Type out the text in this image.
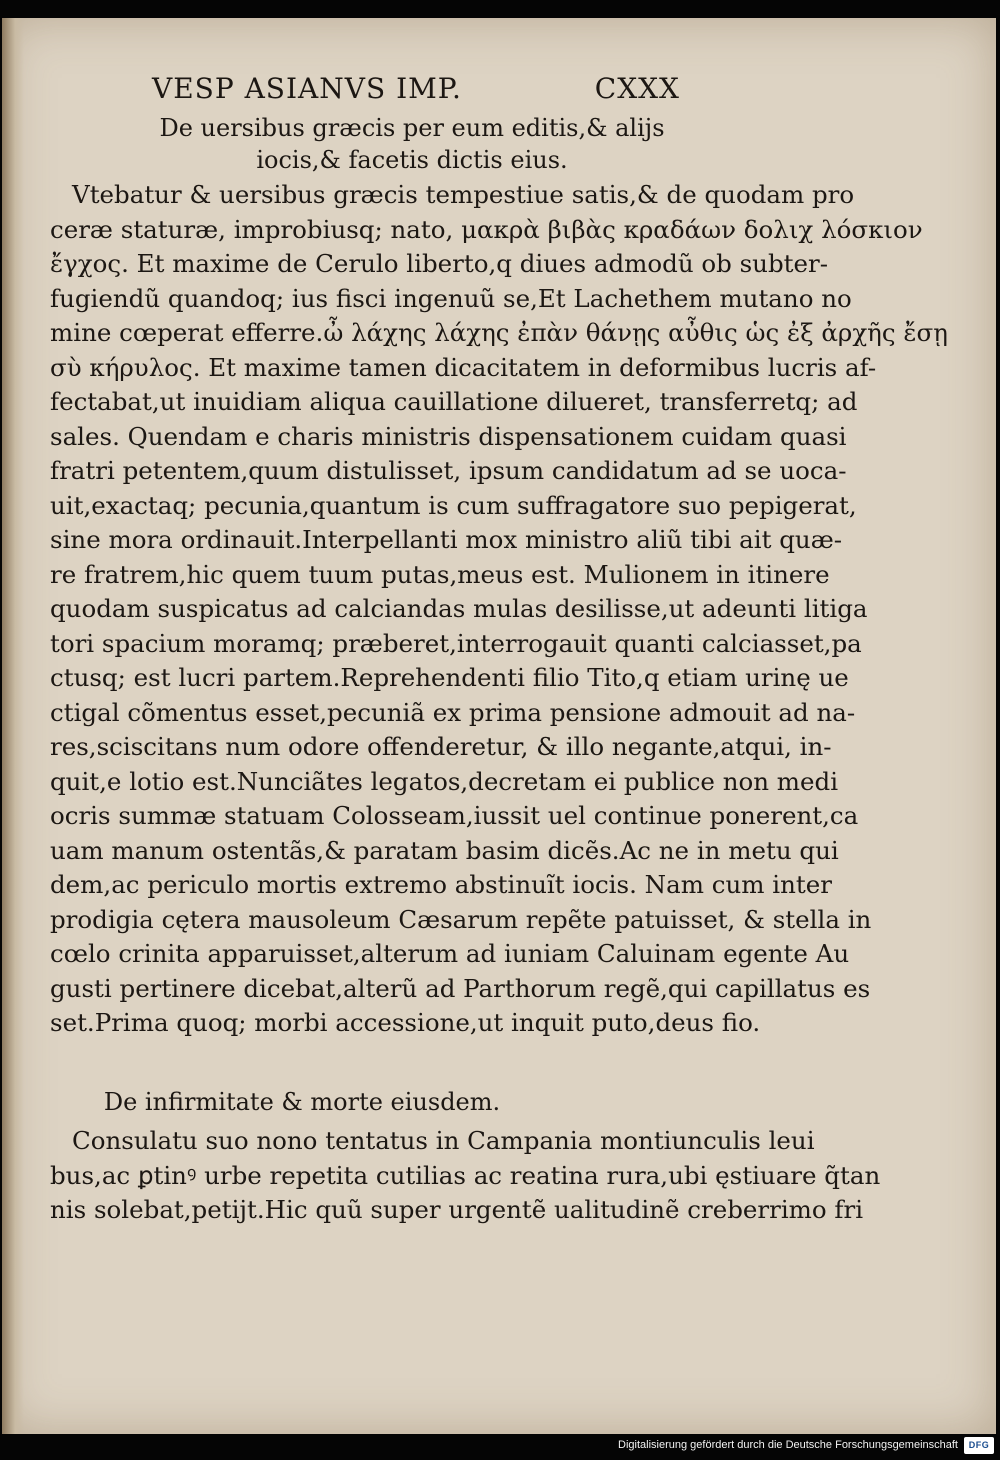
VESP ASIANVS IMP.	CXXX
De uersibus græcis per eum editis,& alijs
iocis,& facetis dictis eius.
Vtebatur & uersibus græcis tempestiue satis,& de quodam pro
ceræ staturæ, improbiusq; nato, μακρὰ βιβὰς κραδάων δολιχ λόσκιον
ἔγχος. Et maxime de Cerulo liberto,q diues admodũ ob subter-
fugiendũ quandoq; ius fisci ingenuũ se,Et Lachethem mutano no
mine cœperat efferre.ὦ λάχης λάχης ἐπὰν θάνῃς αὖθις ὡς ἐξ ἀρχῆς ἔσῃ
σὺ κήρυλος. Et maxime tamen dicacitatem in deformibus lucris af-
fectabat,ut inuidiam aliqua cauillatione dilueret, transferretq; ad
sales. Quendam e charis ministris dispensationem cuidam quasi
fratri petentem,quum distulisset, ipsum candidatum ad se uoca-
uit,exactaq; pecunia,quantum is cum suffragatore suo pepigerat,
sine mora ordinauit.Interpellanti mox ministro aliũ tibi ait quæ-
re fratrem,hic quem tuum putas,meus est. Mulionem in itinere
quodam suspicatus ad calciandas mulas desilisse,ut adeunti litiga
tori spacium moramq; præberet,interrogauit quanti calciasset,pa
ctusq; est lucri partem.Reprehendenti filio Tito,q etiam urinę ue
ctigal cõmentus esset,pecuniã ex prima pensione admouit ad na-
res,sciscitans num odore offenderetur, & illo negante,atqui, in-
quit,e lotio est.Nunciãtes legatos,decretam ei publice non medi
ocris summæ statuam Colosseam,iussit uel continue ponerent,ca
uam manum ostentãs,& paratam basim dicẽs.Ac ne in metu qui
dem,ac periculo mortis extremo abstinuĩt iocis. Nam cum inter
prodigia cętera mausoleum Cæsarum repẽte patuisset, & stella in
cœlo crinita apparuisset,alterum ad iuniam Caluinam egente Au
gusti pertinere dicebat,alterũ ad Parthorum regẽ,qui capillatus es
set.Prima quoq; morbi accessione,ut inquit puto,deus fio.
De infirmitate & morte eiusdem.
Consulatu suo nono tentatus in Campania montiunculis leui
bus,ac ꝑtinꝰ urbe repetita cutilias ac reatina rura,ubi ęstiuare q̃tan
nis solebat,petijt.Hic quũ super urgentẽ ualitudinẽ creberrimo fri
Digitalisierung gefördert durch die Deutsche Forschungsgemeinschaft	DFG
